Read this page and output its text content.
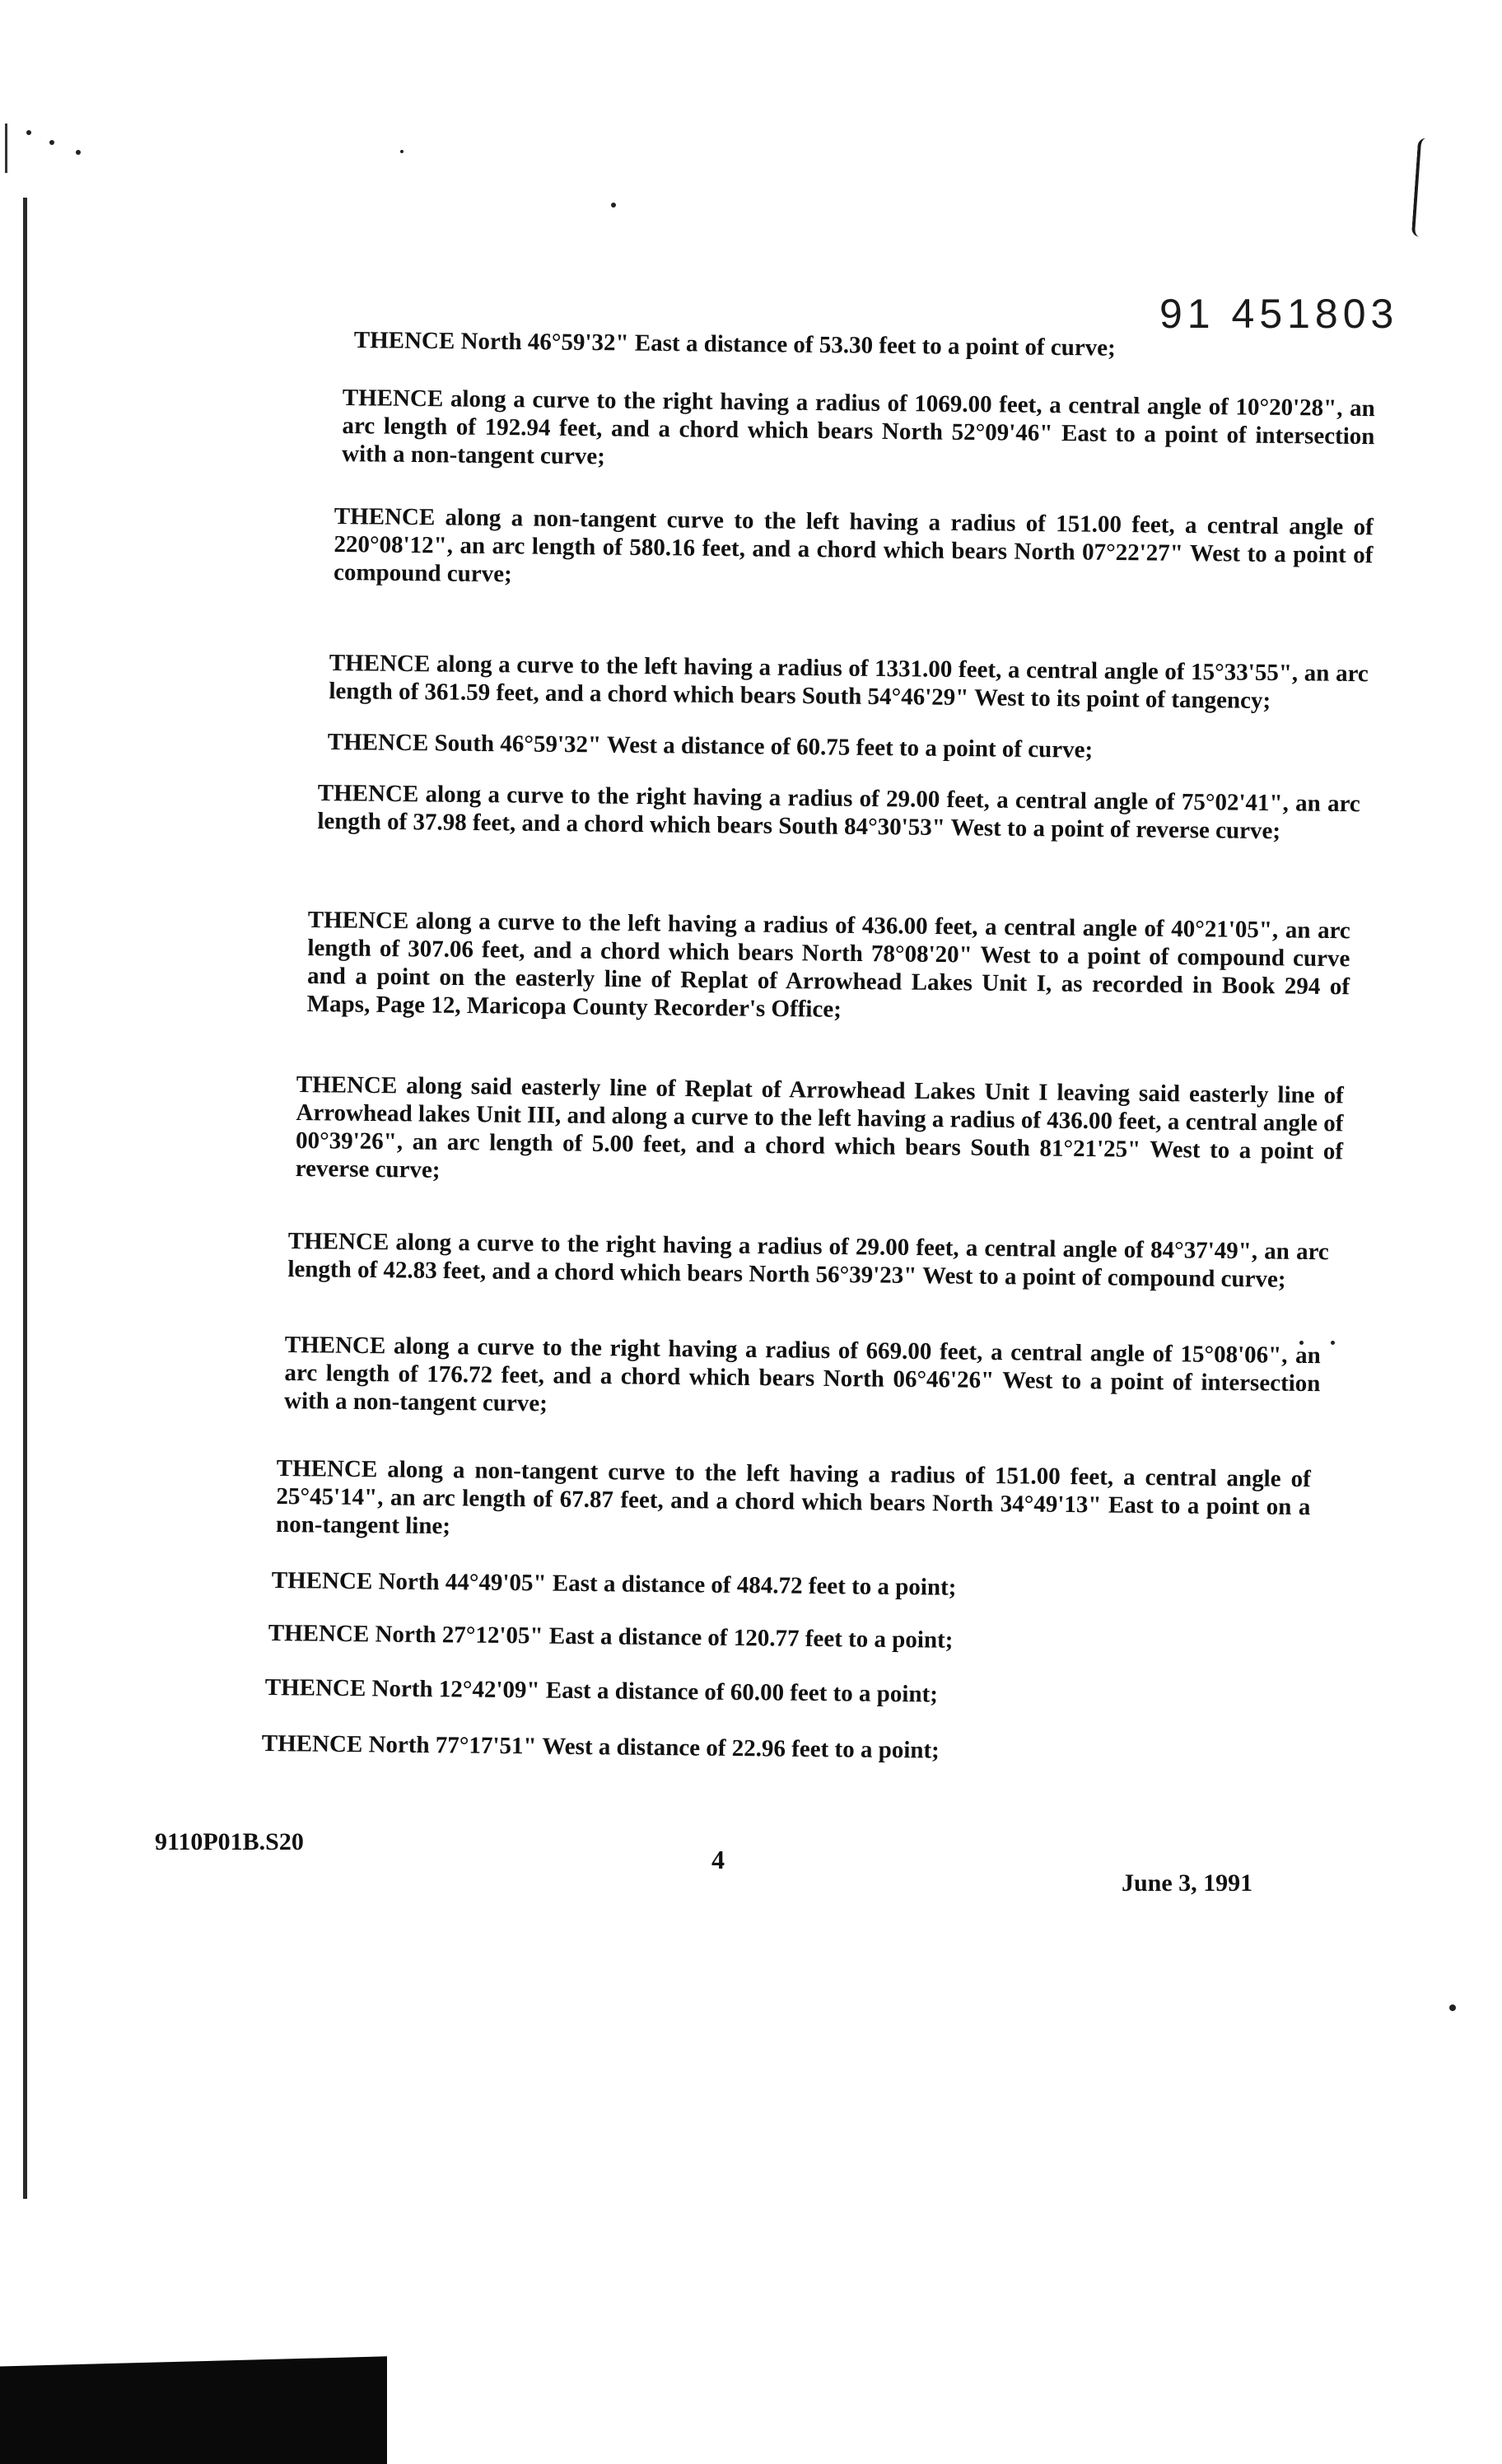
91 451803
THENCE North 46°59'32" East a distance of 53.30 feet to a point of curve;
THENCE along a curve to the right having a radius of 1069.00 feet, a central angle of 10°20'28", an arc length of 192.94 feet, and a chord which bears North 52°09'46" East to a point of intersection with a non-tangent curve;
THENCE along a non-tangent curve to the left having a radius of 151.00 feet, a central angle of 220°08'12", an arc length of 580.16 feet, and a chord which bears North 07°22'27" West to a point of compound curve;
THENCE along a curve to the left having a radius of 1331.00 feet, a central angle of 15°33'55", an arc length of 361.59 feet, and a chord which bears South 54°46'29" West to its point of tangency;
THENCE South 46°59'32" West a distance of 60.75 feet to a point of curve;
THENCE along a curve to the right having a radius of 29.00 feet, a central angle of 75°02'41", an arc length of 37.98 feet, and a chord which bears South 84°30'53" West to a point of reverse curve;
THENCE along a curve to the left having a radius of 436.00 feet, a central angle of 40°21'05", an arc length of 307.06 feet, and a chord which bears North 78°08'20" West to a point of compound curve and a point on the easterly line of Replat of Arrowhead Lakes Unit I, as recorded in Book 294 of Maps, Page 12, Maricopa County Recorder's Office;
THENCE along said easterly line of Replat of Arrowhead Lakes Unit I leaving said easterly line of Arrowhead lakes Unit III, and along a curve to the left having a radius of 436.00 feet, a central angle of 00°39'26", an arc length of 5.00 feet, and a chord which bears South 81°21'25" West to a point of reverse curve;
THENCE along a curve to the right having a radius of 29.00 feet, a central angle of 84°37'49", an arc length of 42.83 feet, and a chord which bears North 56°39'23" West to a point of compound curve;
THENCE along a curve to the right having a radius of 669.00 feet, a central angle of 15°08'06", an arc length of 176.72 feet, and a chord which bears North 06°46'26" West to a point of intersection with a non-tangent curve;
THENCE along a non-tangent curve to the left having a radius of 151.00 feet, a central angle of 25°45'14", an arc length of 67.87 feet, and a chord which bears North 34°49'13" East to a point on a non-tangent line;
THENCE North 44°49'05" East a distance of 484.72 feet to a point;
THENCE North 27°12'05" East a distance of 120.77 feet to a point;
THENCE North 12°42'09" East a distance of 60.00 feet to a point;
THENCE North 77°17'51" West a distance of 22.96 feet to a point;
9110P01B.S20
4
June 3, 1991
